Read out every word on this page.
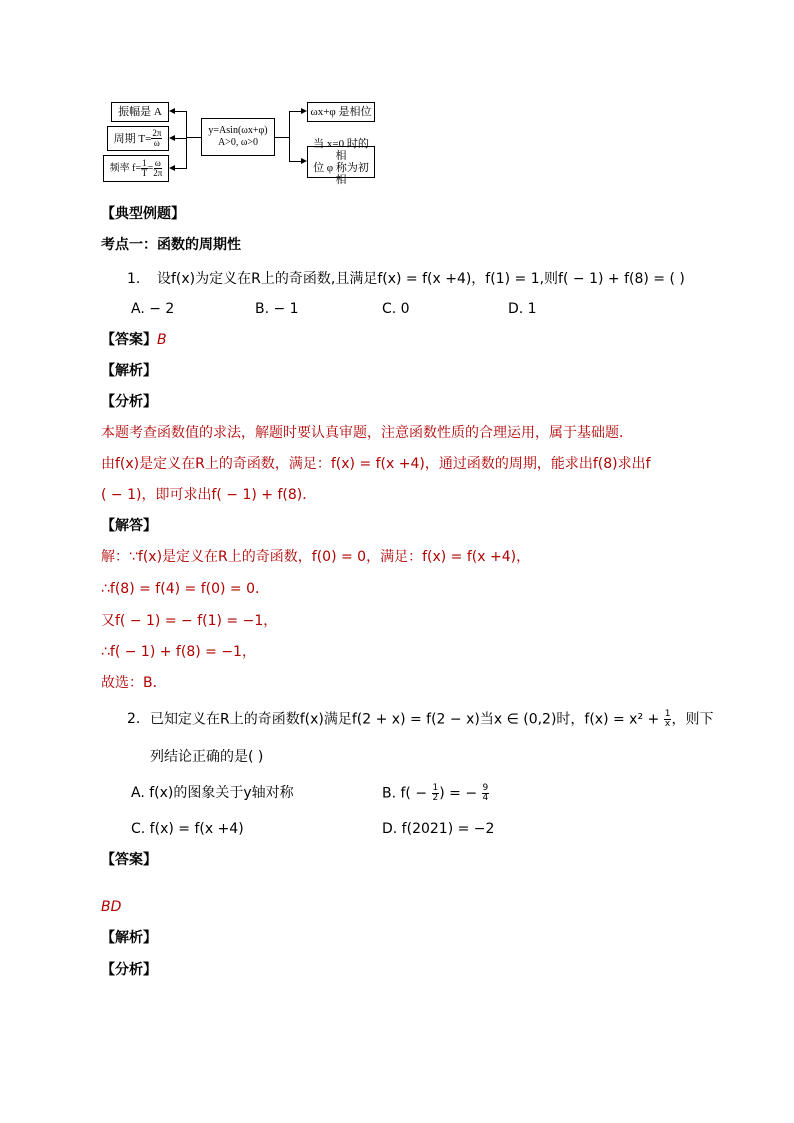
振幅是 A
周期 $T= \frac{2\pi}{\omega}$
频率 $f= \frac{1}{T} = \frac{\omega}{2\pi}$
y=Asin(ωx+φ)
A>0, ω>0
ωx+φ 是相位
当 x=0 时的相
位 φ 称为初相
【典型例题】
考点一：函数的周期性
1. 设f(x)为定义在R上的奇函数,且满足f(x) = f(x +4)，f(1) = 1,则f( − 1) + f(8) = ( )
A. − 2	B. − 1	C. 0	D. 1
【答案】 B
【解析】
【分析】
本题考查函数值的求法，解题时要认真审题，注意函数性质的合理运用，属于基础题．
由f(x)是定义在R上的奇函数，满足：f(x) = f(x +4)，通过函数的周期，能求出f(8)求出f
( − 1)，即可求出f( − 1) + f(8)．
【解答】
解：∵f(x)是定义在R上的奇函数，f(0) = 0，满足：f(x) = f(x +4)，
∴f(8) = f(4) = f(0) = 0．
又f( − 1) = − f(1) = −1，
∴f( − 1) + f(8) = −1，
故选：B．
2. 已知定义在R上的奇函数f(x)满足f(2 + x) = f(2 − x)当x ∈ (0,2)时，$f(x) = x^2 + \frac{1}{x}$ ，则下
列结论正确的是( )
A. f(x)的图象关于y轴对称	B. $f( - \frac{1}{2}$ ) = − $\frac{9}{4}$
C. f(x) = f(x +4)	D. f(2021) = −2
【答案】
BD
【解析】
【分析】
